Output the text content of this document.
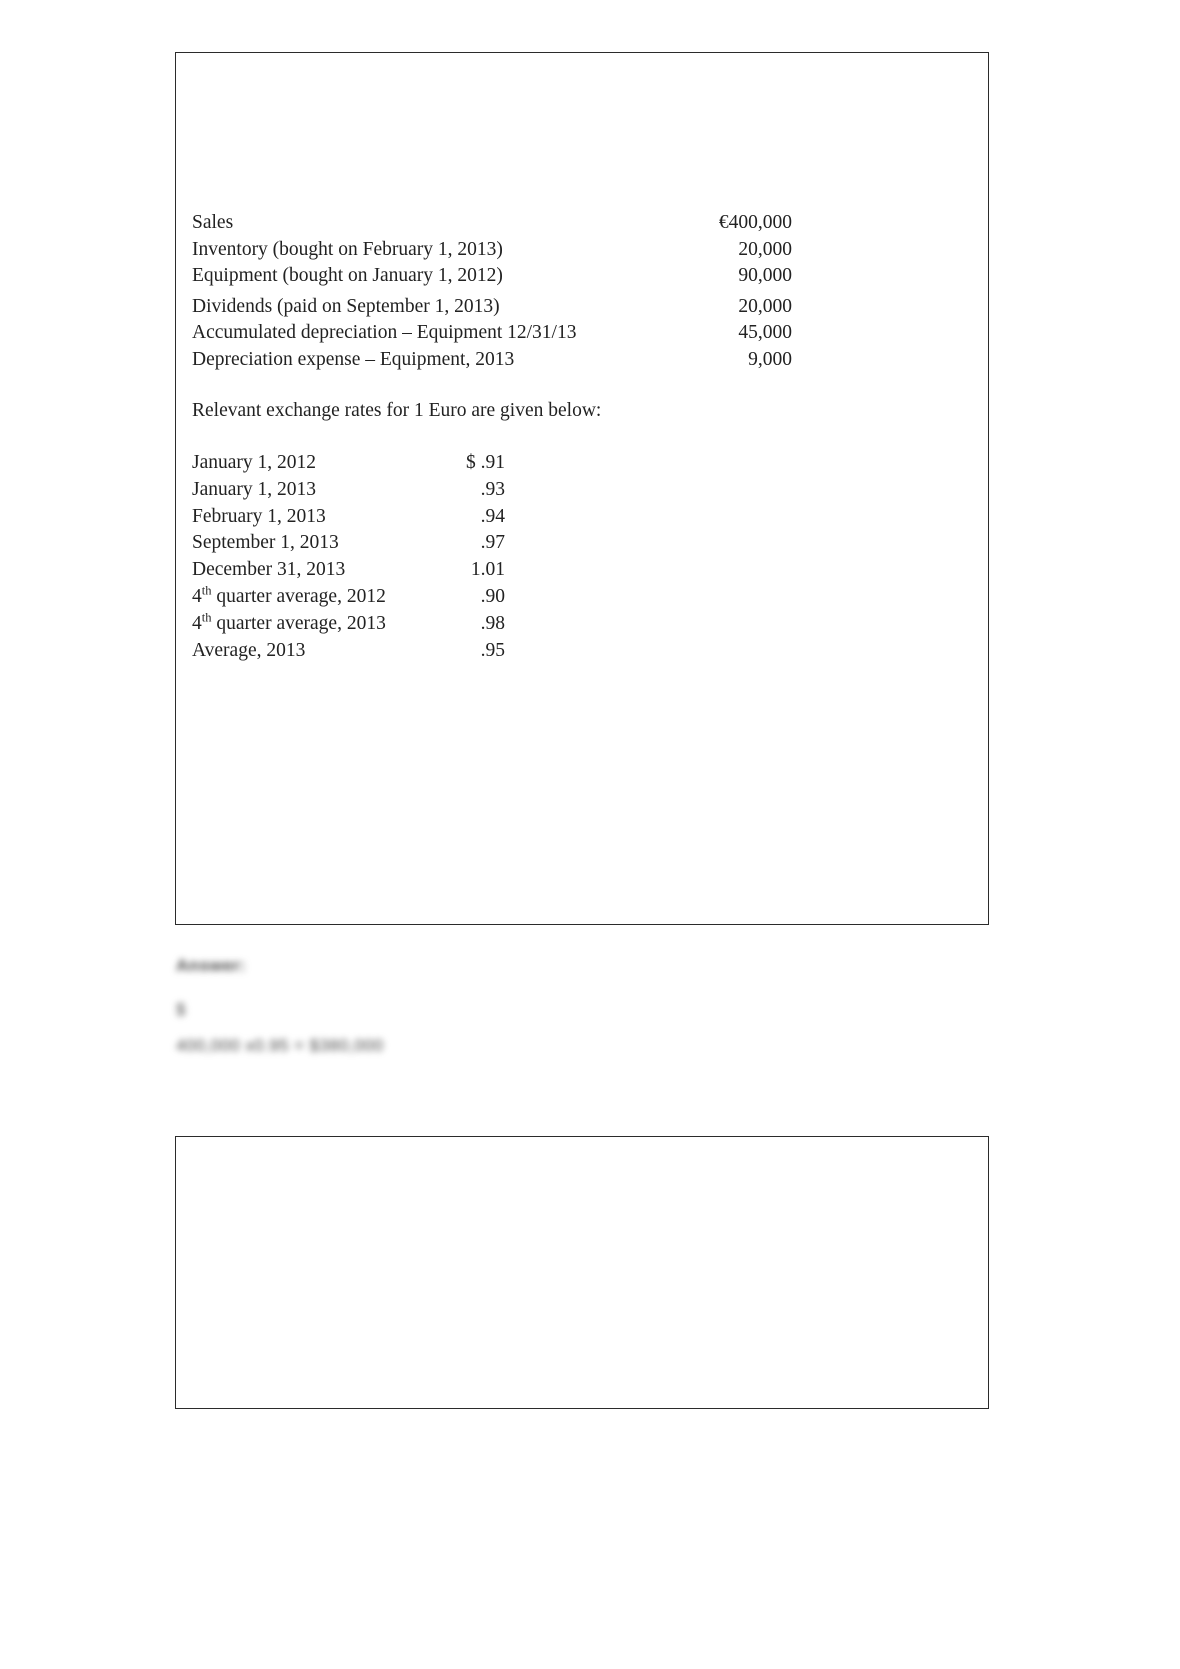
Sales	€400,000
Inventory (bought on February 1, 2013)	20,000
Equipment (bought on January 1, 2012)	90,000
Dividends (paid on September 1, 2013)	20,000
Accumulated depreciation – Equipment 12/31/13	45,000
Depreciation expense – Equipment, 2013	9,000
Relevant exchange rates for 1 Euro are given below:
January 1, 2012	$ .91
January 1, 2013	.93
February 1, 2013	.94
September 1, 2013	.97
December 31, 2013	1.01
4th quarter average, 2012	.90
4th quarter average, 2013	.98
Average, 2013	.95
Answer:
$
400,000 x0.95 = $380,000
